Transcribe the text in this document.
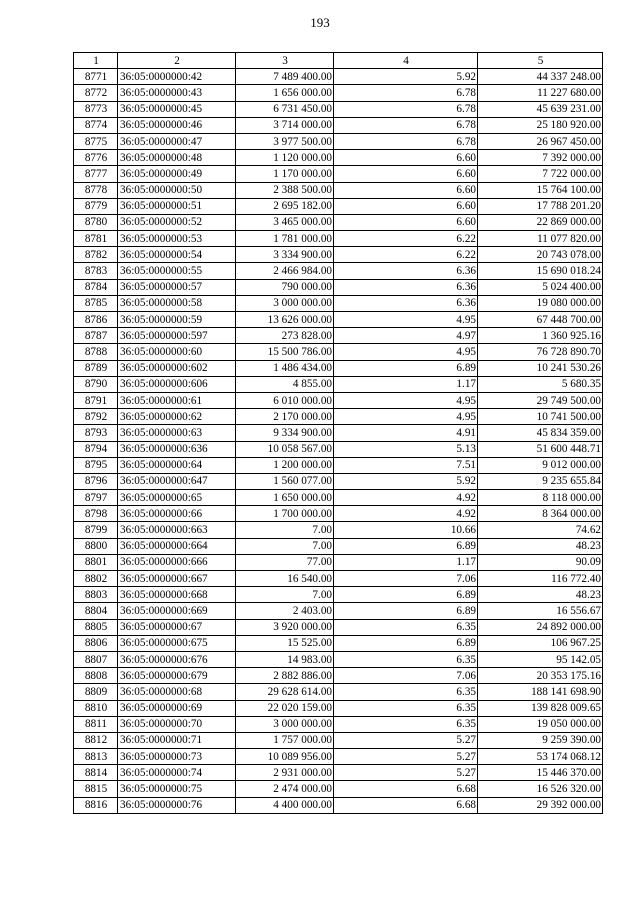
193
1	2	3	4	5
8771	36:05:0000000:42	7 489 400.00	5.92	44 337 248.00
8772	36:05:0000000:43	1 656 000.00	6.78	11 227 680.00
8773	36:05:0000000:45	6 731 450.00	6.78	45 639 231.00
8774	36:05:0000000:46	3 714 000.00	6.78	25 180 920.00
8775	36:05:0000000:47	3 977 500.00	6.78	26 967 450.00
8776	36:05:0000000:48	1 120 000.00	6.60	7 392 000.00
8777	36:05:0000000:49	1 170 000.00	6.60	7 722 000.00
8778	36:05:0000000:50	2 388 500.00	6.60	15 764 100.00
8779	36:05:0000000:51	2 695 182.00	6.60	17 788 201.20
8780	36:05:0000000:52	3 465 000.00	6.60	22 869 000.00
8781	36:05:0000000:53	1 781 000.00	6.22	11 077 820.00
8782	36:05:0000000:54	3 334 900.00	6.22	20 743 078.00
8783	36:05:0000000:55	2 466 984.00	6.36	15 690 018.24
8784	36:05:0000000:57	790 000.00	6.36	5 024 400.00
8785	36:05:0000000:58	3 000 000.00	6.36	19 080 000.00
8786	36:05:0000000:59	13 626 000.00	4.95	67 448 700.00
8787	36:05:0000000:597	273 828.00	4.97	1 360 925.16
8788	36:05:0000000:60	15 500 786.00	4.95	76 728 890.70
8789	36:05:0000000:602	1 486 434.00	6.89	10 241 530.26
8790	36:05:0000000:606	4 855.00	1.17	5 680.35
8791	36:05:0000000:61	6 010 000.00	4.95	29 749 500.00
8792	36:05:0000000:62	2 170 000.00	4.95	10 741 500.00
8793	36:05:0000000:63	9 334 900.00	4.91	45 834 359.00
8794	36:05:0000000:636	10 058 567.00	5.13	51 600 448.71
8795	36:05:0000000:64	1 200 000.00	7.51	9 012 000.00
8796	36:05:0000000:647	1 560 077.00	5.92	9 235 655.84
8797	36:05:0000000:65	1 650 000.00	4.92	8 118 000.00
8798	36:05:0000000:66	1 700 000.00	4.92	8 364 000.00
8799	36:05:0000000:663	7.00	10.66	74.62
8800	36:05:0000000:664	7.00	6.89	48.23
8801	36:05:0000000:666	77.00	1.17	90.09
8802	36:05:0000000:667	16 540.00	7.06	116 772.40
8803	36:05:0000000:668	7.00	6.89	48.23
8804	36:05:0000000:669	2 403.00	6.89	16 556.67
8805	36:05:0000000:67	3 920 000.00	6.35	24 892 000.00
8806	36:05:0000000:675	15 525.00	6.89	106 967.25
8807	36:05:0000000:676	14 983.00	6.35	95 142.05
8808	36:05:0000000:679	2 882 886.00	7.06	20 353 175.16
8809	36:05:0000000:68	29 628 614.00	6.35	188 141 698.90
8810	36:05:0000000:69	22 020 159.00	6.35	139 828 009.65
8811	36:05:0000000:70	3 000 000.00	6.35	19 050 000.00
8812	36:05:0000000:71	1 757 000.00	5.27	9 259 390.00
8813	36:05:0000000:73	10 089 956.00	5.27	53 174 068.12
8814	36:05:0000000:74	2 931 000.00	5.27	15 446 370.00
8815	36:05:0000000:75	2 474 000.00	6.68	16 526 320.00
8816	36:05:0000000:76	4 400 000.00	6.68	29 392 000.00
